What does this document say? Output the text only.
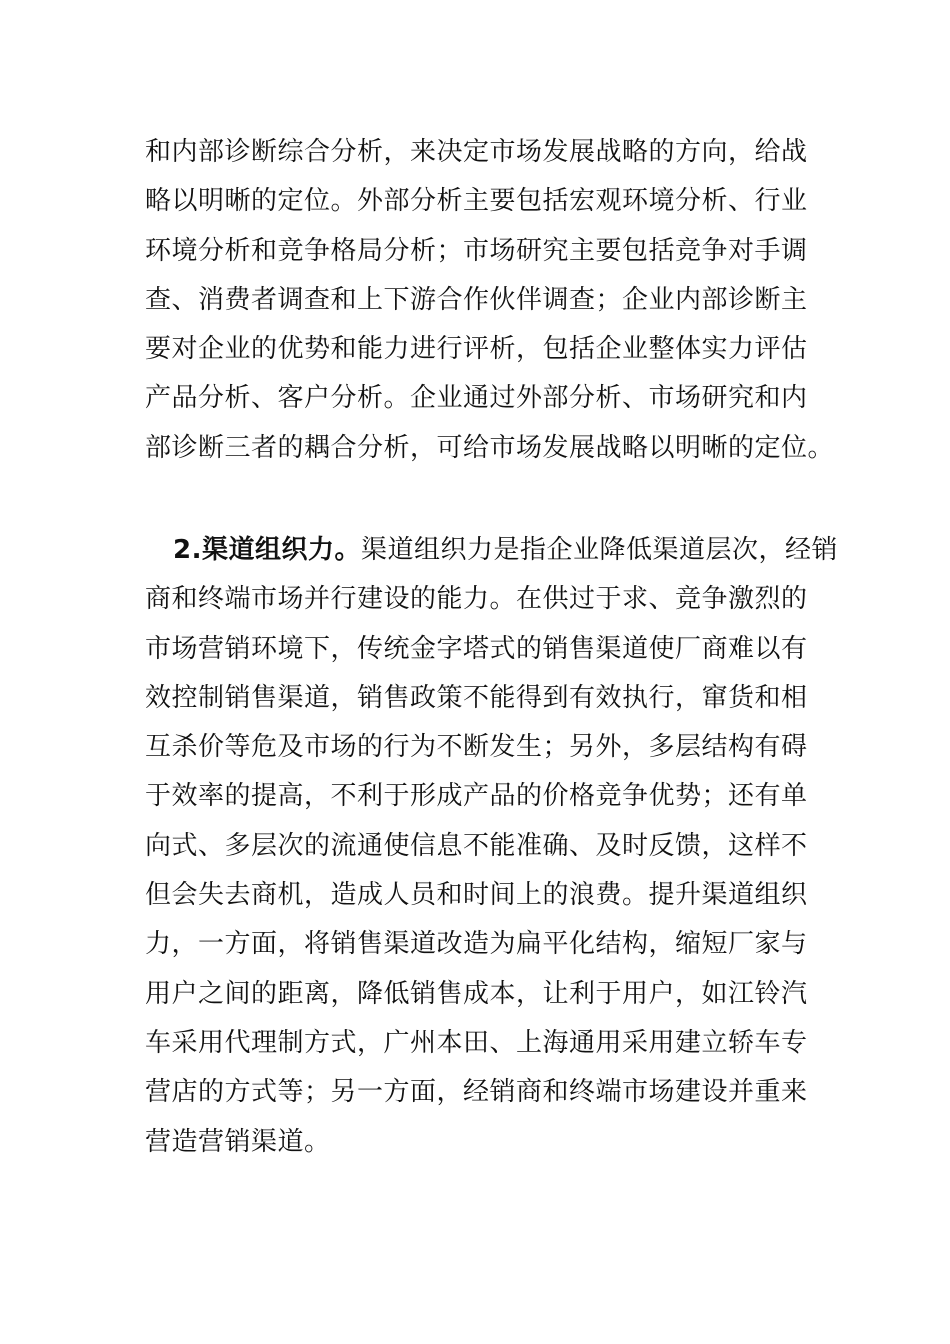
和内部诊断综合分析，来决定市场发展战略的方向，给战
略以明晰的定位。外部分析主要包括宏观环境分析、行业
环境分析和竞争格局分析；市场研究主要包括竞争对手调
查、消费者调查和上下游合作伙伴调查；企业内部诊断主
要对企业的优势和能力进行评析，包括企业整体实力评估
产品分析、客户分析。企业通过外部分析、市场研究和内
部诊断三者的耦合分析，可给市场发展战略以明晰的定位。
2.渠道组织力。渠道组织力是指企业降低渠道层次，经销
商和终端市场并行建设的能力。在供过于求、竞争激烈的
市场营销环境下，传统金字塔式的销售渠道使厂商难以有
效控制销售渠道，销售政策不能得到有效执行，窜货和相
互杀价等危及市场的行为不断发生；另外，多层结构有碍
于效率的提高，不利于形成产品的价格竞争优势；还有单
向式、多层次的流通使信息不能准确、及时反馈，这样不
但会失去商机，造成人员和时间上的浪费。提升渠道组织
力，一方面，将销售渠道改造为扁平化结构，缩短厂家与
用户之间的距离，降低销售成本，让利于用户，如江铃汽
车采用代理制方式，广州本田、上海通用采用建立轿车专
营店的方式等；另一方面，经销商和终端市场建设并重来
营造营销渠道。
